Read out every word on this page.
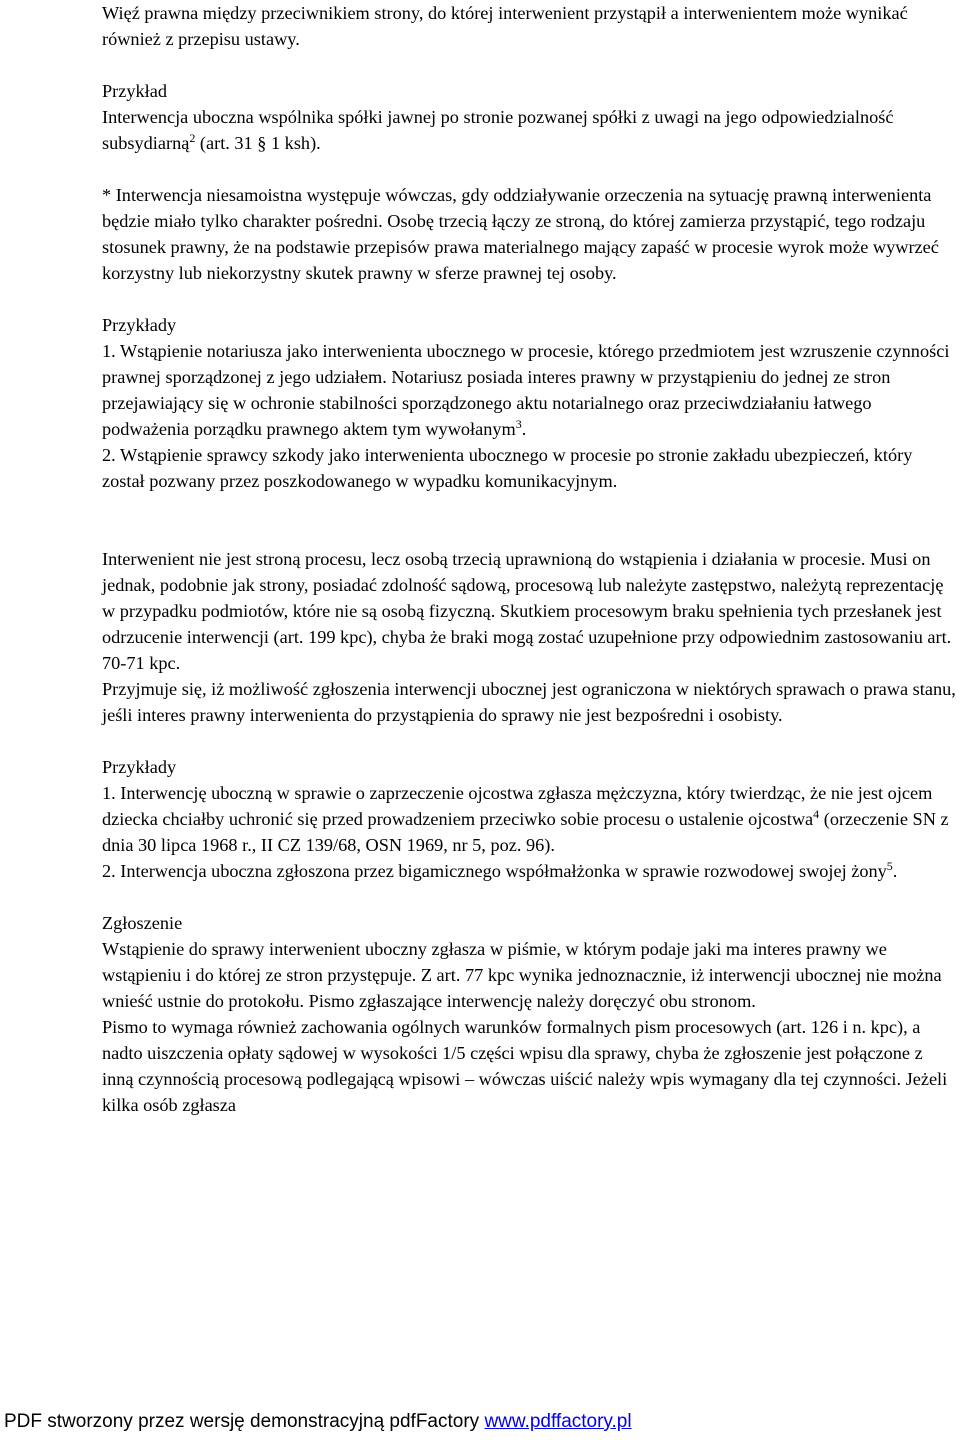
Więź prawna między przeciwnikiem strony, do której interwenient przystąpił a interwenientem może wynikać również z przepisu ustawy.

Przykład

Interwencja uboczna wspólnika spółki jawnej po stronie pozwanej spółki z uwagi na jego odpowiedzialność subsydiarną$^2$ (art. 31 § 1 ksh).

* Interwencja niesamoistna występuje wówczas, gdy oddziaływanie orzeczenia na sytuację prawną interwenienta będzie miało tylko charakter pośredni. Osobę trzecią łączy ze stroną, do której zamierza przystąpić, tego rodzaju stosunek prawny, że na podstawie przepisów prawa materialnego mający zapaść w procesie wyrok może wywrzeć korzystny lub niekorzystny skutek prawny w sferze prawnej tej osoby.

Przykłady

1. Wstąpienie notariusza jako interwenienta ubocznego w procesie, którego przedmiotem jest wzruszenie czynności prawnej sporządzonej z jego udziałem. Notariusz posiada interes prawny w przystąpieniu do jednej ze stron przejawiający się w ochronie stabilności sporządzonego aktu notarialnego oraz przeciwdziałaniu łatwego podważenia porządku prawnego aktem tym wywołanym$^3$.

2. Wstąpienie sprawcy szkody jako interwenienta ubocznego w procesie po stronie zakładu ubezpieczeń, który został pozwany przez poszkodowanego w wypadku komunikacyjnym.

Interwenient nie jest stroną procesu, lecz osobą trzecią uprawnioną do wstąpienia i działania w procesie. Musi on jednak, podobnie jak strony, posiadać zdolność sądową, procesową lub należyte zastępstwo, należytą reprezentację w przypadku podmiotów, które nie są osobą fizyczną. Skutkiem procesowym braku spełnienia tych przesłanek jest odrzucenie interwencji (art. 199 kpc), chyba że braki mogą zostać uzupełnione przy odpowiednim zastosowaniu art. 70-71 kpc.

Przyjmuje się, iż możliwość zgłoszenia interwencji ubocznej jest ograniczona w niektórych sprawach o prawa stanu, jeśli interes prawny interwenienta do przystąpienia do sprawy nie jest bezpośredni i osobisty.

Przykłady

1. Interwencję uboczną w sprawie o zaprzeczenie ojcostwa zgłasza mężczyzna, który twierdząc, że nie jest ojcem dziecka chciałby uchronić się przed prowadzeniem przeciwko sobie procesu o ustalenie ojcostwa$^4$ (orzeczenie SN z dnia 30 lipca 1968 r., II CZ 139/68, OSN 1969, nr 5, poz. 96).

2. Interwencja uboczna zgłoszona przez bigamicznego współmałżonka w sprawie rozwodowej swojej żony$^5$.

Zgłoszenie

Wstąpienie do sprawy interwenient uboczny zgłasza w piśmie, w którym podaje jaki ma interes prawny we wstąpieniu i do której ze stron przystępuje. Z art. 77 kpc wynika jednoznacznie, iż interwencji ubocznej nie można wnieść ustnie do protokołu. Pismo zgłaszające interwencję należy doręczyć obu stronom.

Pismo to wymaga również zachowania ogólnych warunków formalnych pism procesowych (art. 126 i n. kpc), a nadto uiszczenia opłaty sądowej w wysokości 1/5 części wpisu dla sprawy, chyba że zgłoszenie jest połączone z inną czynnością procesową podlegającą wpisowi – wówczas uiścić należy wpis wymagany dla tej czynności. Jeżeli kilka osób zgłasza

PDF stworzony przez wersję demonstracyjną pdfFactory www.pdffactory.pl
